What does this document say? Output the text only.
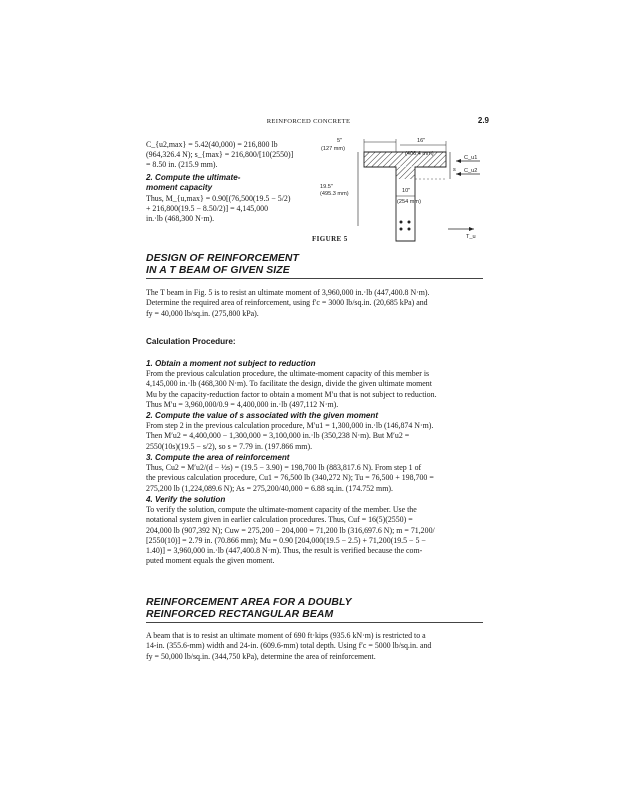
REINFORCED CONCRETE	2.9
C_{u2,max} = 5.42(40,000) = 216,800 lb
(964,326.4 N); s_{max} = 216,800/[10(2550)]
= 8.50 in. (215.9 mm).
2. Compute the ultimate-
moment capacity
Thus, M_{u,max} = 0.90[(76,500(19.5 − 5/2)
+ 216,800(19.5 − 8.50/2)] = 4,145,000
in.·lb (468,300 N·m).
5"
(127 mm)
16"
(406.4 mm)
19.5"
(495.3 mm)	10"
(254 mm)
s
C_u1
C_u2
T_u
FIGURE 5
DESIGN OF REINFORCEMENT
IN A T BEAM OF GIVEN SIZE
The T beam in Fig. 5 is to resist an ultimate moment of 3,960,000 in.·lb (447,400.8 N·m).
Determine the required area of reinforcement, using f′c = 3000 lb/sq.in. (20,685 kPa) and
fy = 40,000 lb/sq.in. (275,800 kPa).
Calculation Procedure:
1. Obtain a moment not subject to reduction
From the previous calculation procedure, the ultimate-moment capacity of this member is
4,145,000 in.·lb (468,300 N·m). To facilitate the design, divide the given ultimate moment
Mu by the capacity-reduction factor to obtain a moment M′u that is not subject to reduction.
Thus M′u = 3,960,000/0.9 = 4,400,000 in.·lb (497,112 N·m).
2. Compute the value of s associated with the given moment
From step 2 in the previous calculation procedure, M′u1 = 1,300,000 in.·lb (146,874 N·m).
Then M′u2 = 4,400,000 − 1,300,000 = 3,100,000 in.·lb (350,238 N·m). But M′u2 =
2550(10s)(19.5 − s/2), so s = 7.79 in. (197.866 mm).
3. Compute the area of reinforcement
Thus, Cu2 = M′u2/(d − ½s) = (19.5 − 3.90) = 198,700 lb (883,817.6 N). From step 1 of
the previous calculation procedure, Cu1 = 76,500 lb (340,272 N); Tu = 76,500 + 198,700 =
275,200 lb (1,224,089.6 N); As = 275,200/40,000 = 6.88 sq.in. (174.752 mm).
4. Verify the solution
To verify the solution, compute the ultimate-moment capacity of the member. Use the
notational system given in earlier calculation procedures. Thus, Cuf = 16(5)(2550) =
204,000 lb (907,392 N); Cuw = 275,200 − 204,000 = 71,200 lb (316,697.6 N); m = 71,200/
[2550(10)] = 2.79 in. (70.866 mm); Mu = 0.90 [204,000(19.5 − 2.5) + 71,200(19.5 − 5 −
1.40)] = 3,960,000 in.·lb (447,400.8 N·m). Thus, the result is verified because the com-
puted moment equals the given moment.
REINFORCEMENT AREA FOR A DOUBLY
REINFORCED RECTANGULAR BEAM
A beam that is to resist an ultimate moment of 690 ft·kips (935.6 kN·m) is restricted to a
14-in. (355.6-mm) width and 24-in. (609.6-mm) total depth. Using f′c = 5000 lb/sq.in. and
fy = 50,000 lb/sq.in. (344,750 kPa), determine the area of reinforcement.
